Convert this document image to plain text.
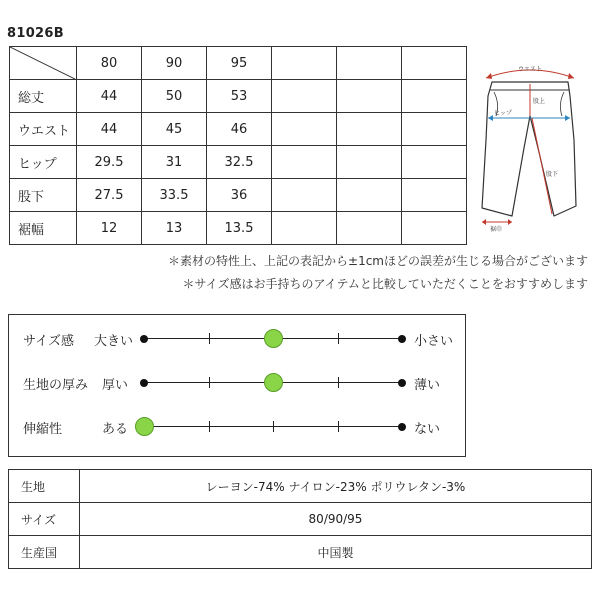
81026B
	80	90	95			
総丈	44	50	53			
ウエスト	44	45	46			
ヒップ	29.5	31	32.5			
股下	27.5	33.5	36			
裾幅	12	13	13.5			
ウエスト
股上
ヒップ
股下
裾巾
＊素材の特性上、上記の表記から±1cmほどの誤差が生じる場合がございます
＊サイズ感はお手持ちのアイテムと比較していただくことをおすすめします
サイズ感 大きい	小さい
生地の厚み 厚い	薄い
伸縮性	ある	ない
生地	レーヨン-74% ナイロン-23% ポリウレタン-3%
サイズ	80/90/95
生産国	中国製
